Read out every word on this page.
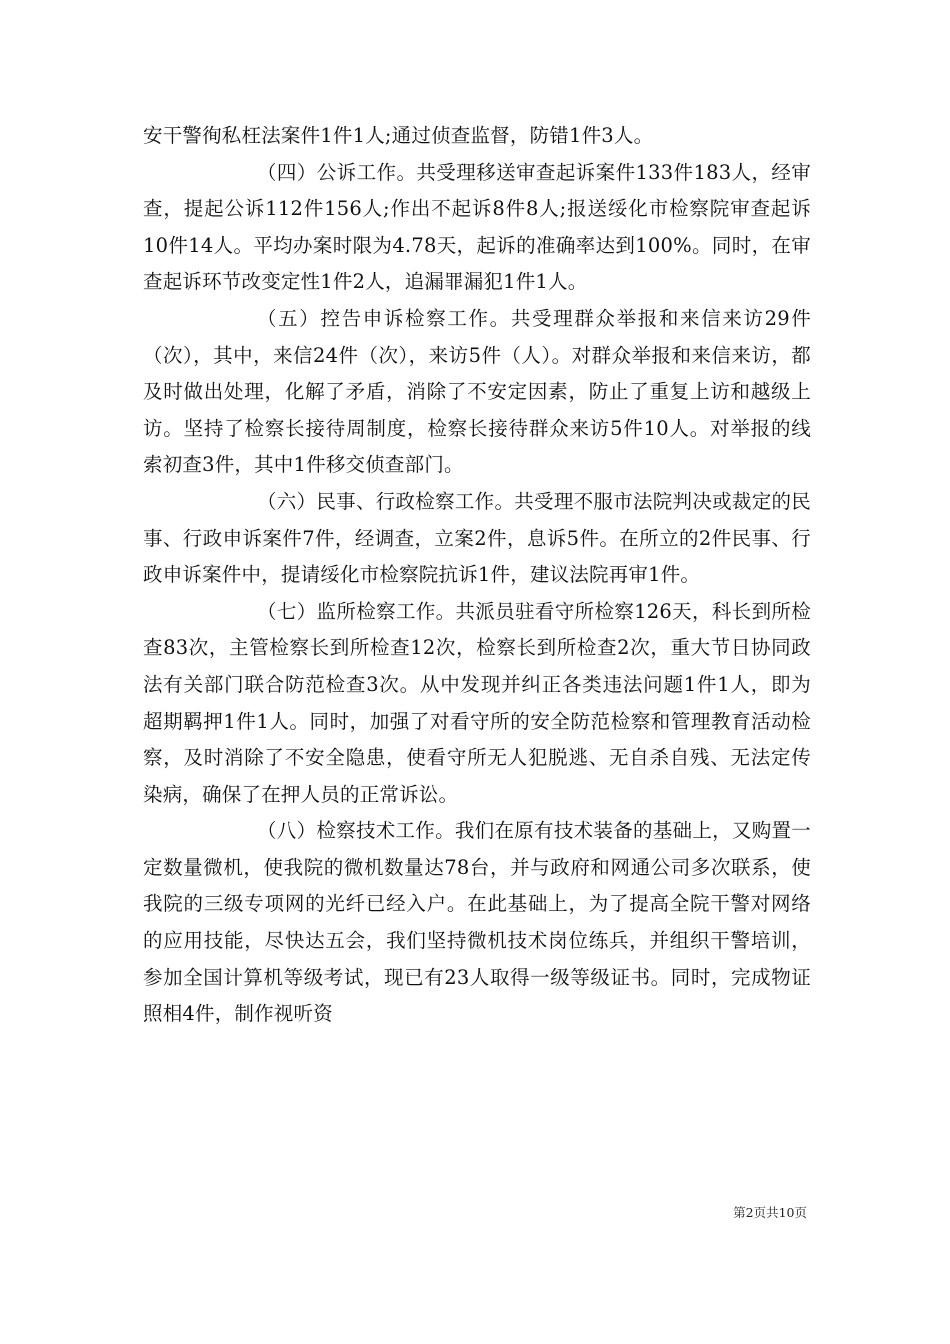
安干警徇私枉法案件1件1人;通过侦查监督，防错1件3人。

（四）公诉工作。共受理移送审查起诉案件133件183人，经审查，提起公诉112件156人;作出不起诉8件8人;报送绥化市检察院审查起诉10件14人。平均办案时限为4.78天，起诉的准确率达到100%。同时，在审查起诉环节改变定性1件2人，追漏罪漏犯1件1人。

（五）控告申诉检察工作。共受理群众举报和来信来访29件（次），其中，来信24件（次），来访5件（人）。对群众举报和来信来访，都及时做出处理，化解了矛盾，消除了不安定因素，防止了重复上访和越级上访。坚持了检察长接待周制度，检察长接待群众来访5件10人。对举报的线索初查3件，其中1件移交侦查部门。

（六）民事、行政检察工作。共受理不服市法院判决或裁定的民事、行政申诉案件7件，经调查，立案2件，息诉5件。在所立的2件民事、行政申诉案件中，提请绥化市检察院抗诉1件，建议法院再审1件。

（七）监所检察工作。共派员驻看守所检察126天，科长到所检查83次，主管检察长到所检查12次，检察长到所检查2次，重大节日协同政法有关部门联合防范检查3次。从中发现并纠正各类违法问题1件1人，即为超期羁押1件1人。同时，加强了对看守所的安全防范检察和管理教育活动检察，及时消除了不安全隐患，使看守所无人犯脱逃、无自杀自残、无法定传染病，确保了在押人员的正常诉讼。

（八）检察技术工作。我们在原有技术装备的基础上，又购置一定数量微机，使我院的微机数量达78台，并与政府和网通公司多次联系，使我院的三级专项网的光纤已经入户。在此基础上，为了提高全院干警对网络的应用技能，尽快达五会，我们坚持微机技术岗位练兵，并组织干警培训，参加全国计算机等级考试，现已有23人取得一级等级证书。同时，完成物证照相4件，制作视听资

第2页共10页
